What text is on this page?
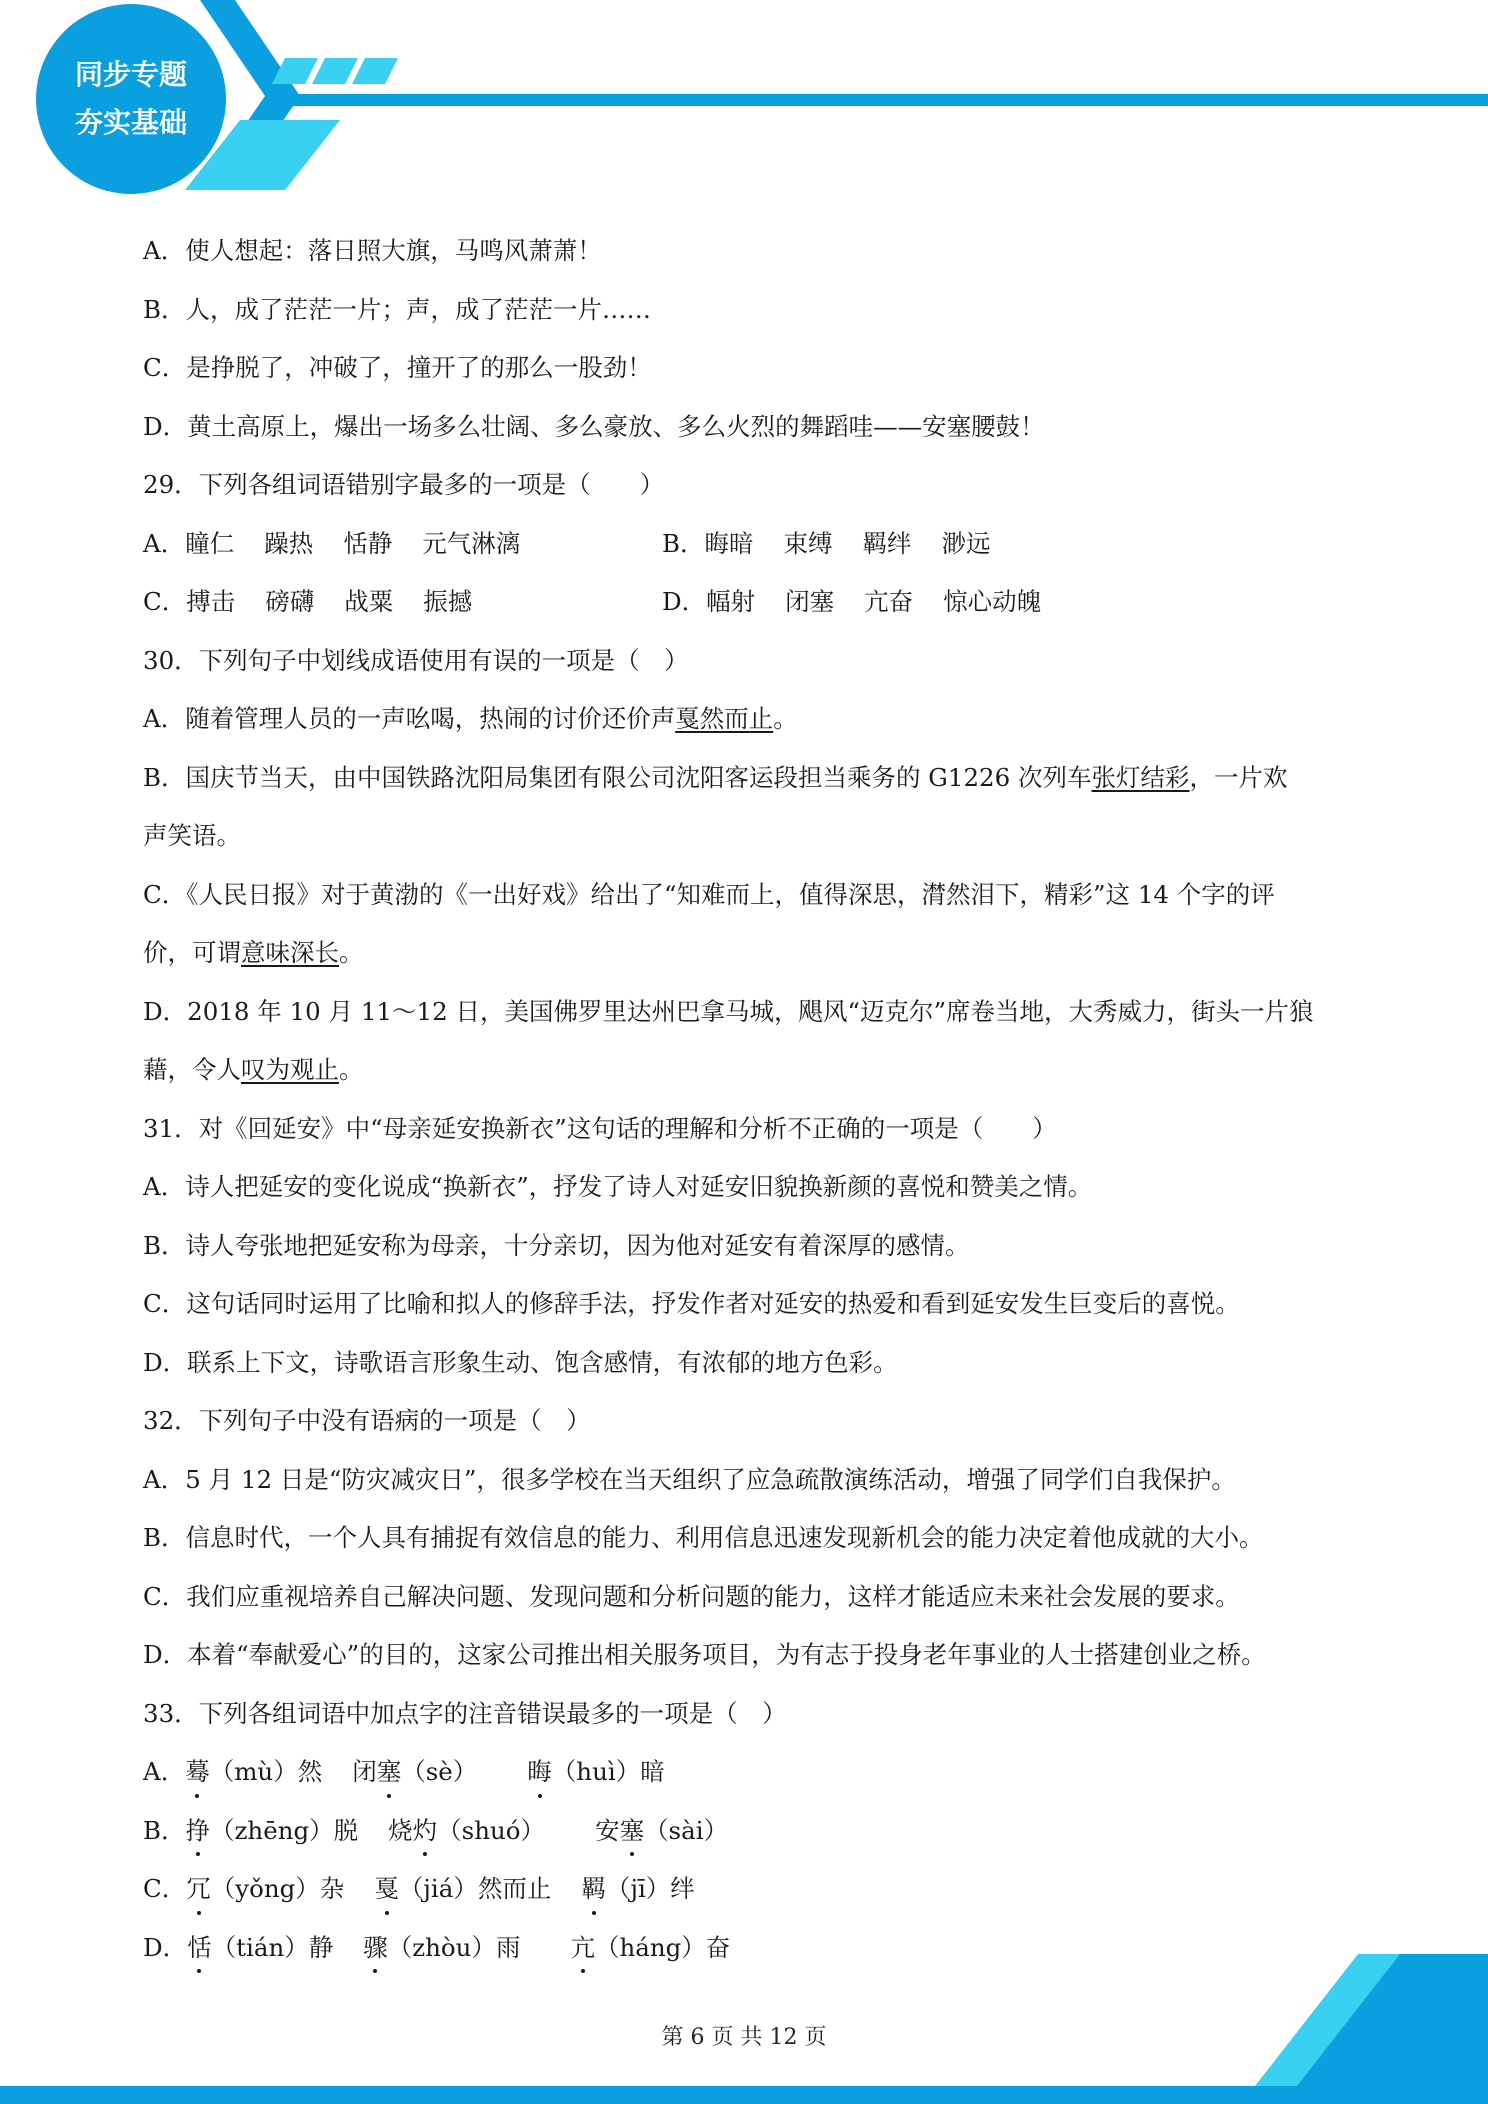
同步专题
夯实基础
A．使人想起：落日照大旗，马鸣风萧萧！
B．人，成了茫茫一片；声，成了茫茫一片……
C．是挣脱了，冲破了，撞开了的那么一股劲！
D．黄土高原上，爆出一场多么壮阔、多么豪放、多么火烈的舞蹈哇——安塞腰鼓！
29．下列各组词语错别字最多的一项是（　　）
A．瞳仁 躁热 恬静 元气淋漓	B．晦暗 束缚 羁绊 渺远
C．搏击 磅礴 战粟 振撼	D．幅射 闭塞 亢奋 惊心动魄
30．下列句子中划线成语使用有误的一项是（　）
A．随着管理人员的一声吆喝，热闹的讨价还价声戛然而止。
B．国庆节当天，由中国铁路沈阳局集团有限公司沈阳客运段担当乘务的 G1226 次列车张灯结彩，一片欢
声笑语。
C．《人民日报》对于黄渤的《一出好戏》给出了“知难而上，值得深思，潸然泪下，精彩”这 14 个字的评
价，可谓意味深长。
D．2018 年 10 月 11～12 日，美国佛罗里达州巴拿马城，飓风“迈克尔”席卷当地，大秀威力，街头一片狼
藉，令人叹为观止。
31．对《回延安》中“母亲延安换新衣”这句话的理解和分析不正确的一项是（　　）
A．诗人把延安的变化说成“换新衣”，抒发了诗人对延安旧貌换新颜的喜悦和赞美之情。
B．诗人夸张地把延安称为母亲，十分亲切，因为他对延安有着深厚的感情。
C．这句话同时运用了比喻和拟人的修辞手法，抒发作者对延安的热爱和看到延安发生巨变后的喜悦。
D．联系上下文，诗歌语言形象生动、饱含感情，有浓郁的地方色彩。
32．下列句子中没有语病的一项是（　）
A．5 月 12 日是“防灾减灾日”，很多学校在当天组织了应急疏散演练活动，增强了同学们自我保护。
B．信息时代，一个人具有捕捉有效信息的能力、利用信息迅速发现新机会的能力决定着他成就的大小。
C．我们应重视培养自己解决问题、发现问题和分析问题的能力，这样才能适应未来社会发展的要求。
D．本着“奉献爱心”的目的，这家公司推出相关服务项目，为有志于投身老年事业的人士搭建创业之桥。
33．下列各组词语中加点字的注音错误最多的一项是（　）
A．蓦（mù）然 闭塞（sè） 晦（huì）暗
B．挣（zhēng）脱 烧灼（shuó） 安塞（sài）
C．冗（yǒng）杂 戛（jiá）然而止 羁（jī）绊
D．恬（tián）静 骤（zhòu）雨 亢（háng）奋
第 6 页 共 12 页
